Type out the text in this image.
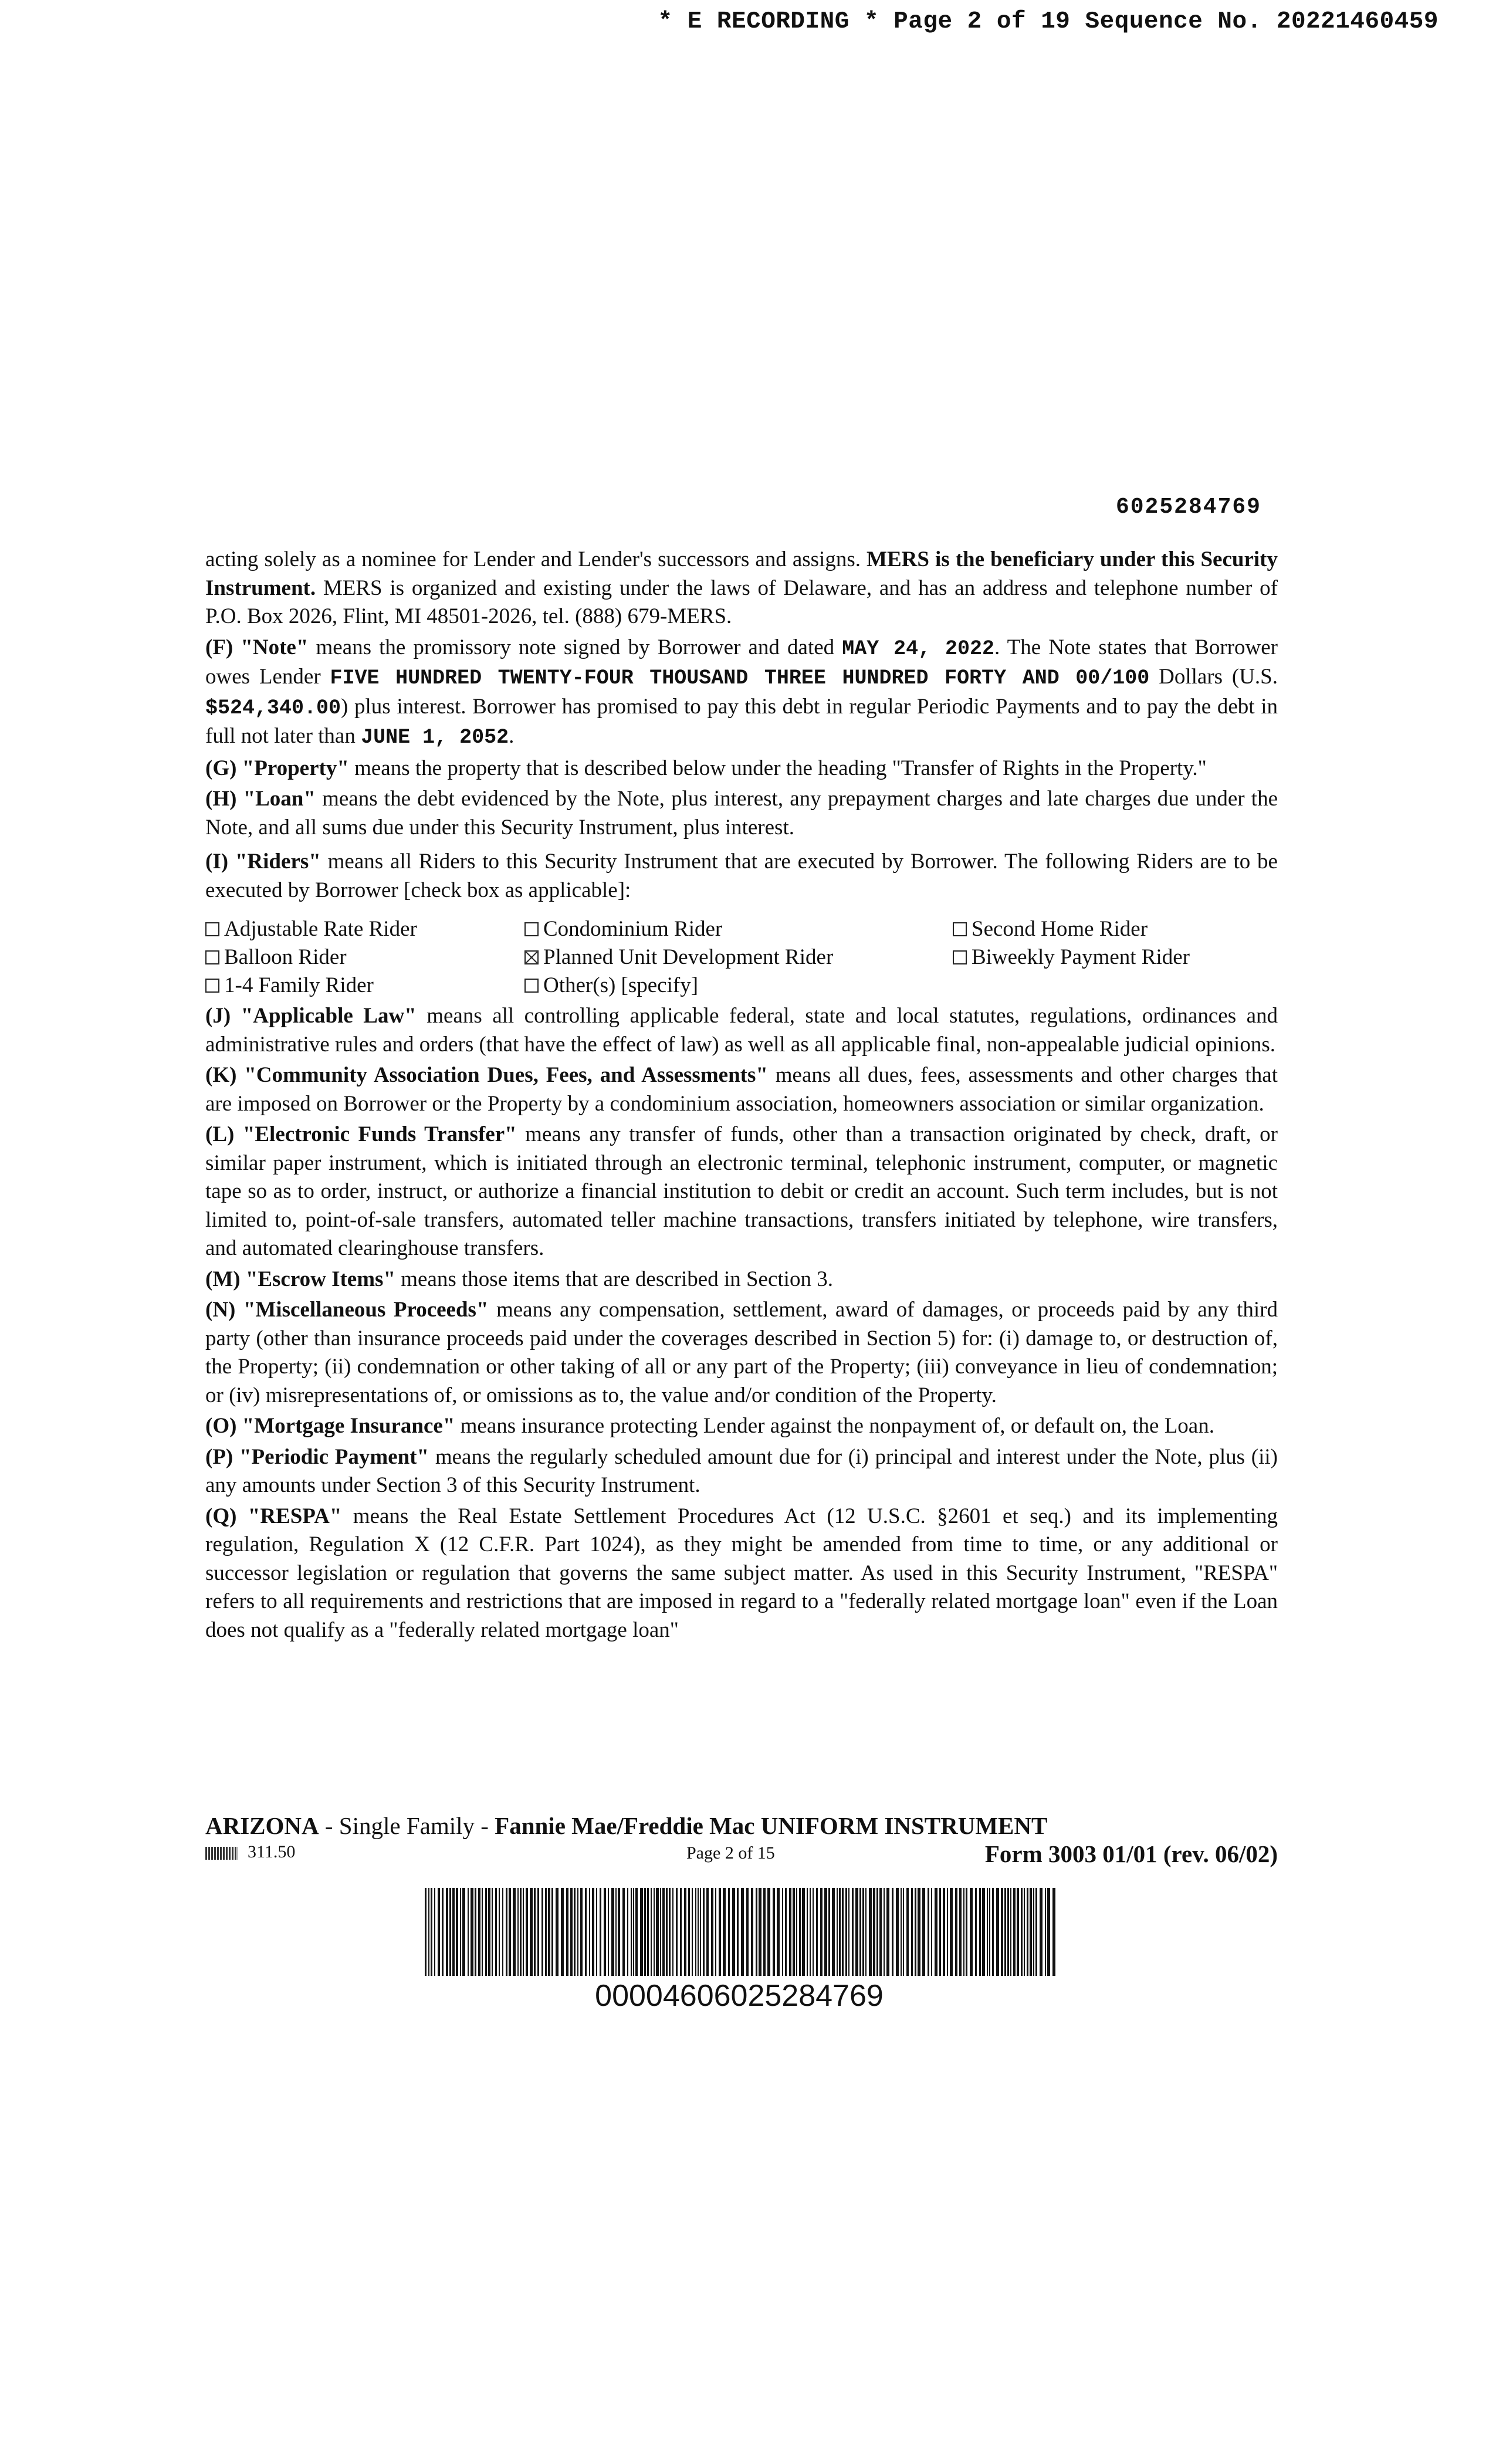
* E RECORDING * Page 2 of 19 Sequence No. 20221460459
6025284769

acting solely as a nominee for Lender and Lender's successors and assigns. MERS is the beneficiary under this Security Instrument. MERS is organized and existing under the laws of Delaware, and has an address and telephone number of P.O. Box 2026, Flint, MI 48501-2026, tel. (888) 679-MERS.

(F) "Note" means the promissory note signed by Borrower and dated MAY 24, 2022. The Note states that Borrower owes Lender FIVE HUNDRED TWENTY-FOUR THOUSAND THREE HUNDRED FORTY AND 00/100 Dollars (U.S. $524,340.00) plus interest. Borrower has promised to pay this debt in regular Periodic Payments and to pay the debt in full not later than JUNE 1, 2052.

(G) "Property" means the property that is described below under the heading "Transfer of Rights in the Property."

(H) "Loan" means the debt evidenced by the Note, plus interest, any prepayment charges and late charges due under the Note, and all sums due under this Security Instrument, plus interest.

(I) "Riders" means all Riders to this Security Instrument that are executed by Borrower. The following Riders are to be executed by Borrower [check box as applicable]:

Adjustable Rate Rider	Condominium Rider	Second Home Rider
Balloon Rider	Planned Unit Development Rider	Biweekly Payment Rider
1-4 Family Rider	Other(s) [specify]

(J) "Applicable Law" means all controlling applicable federal, state and local statutes, regulations, ordinances and administrative rules and orders (that have the effect of law) as well as all applicable final, non-appealable judicial opinions.

(K) "Community Association Dues, Fees, and Assessments" means all dues, fees, assessments and other charges that are imposed on Borrower or the Property by a condominium association, homeowners association or similar organization.

(L) "Electronic Funds Transfer" means any transfer of funds, other than a transaction originated by check, draft, or similar paper instrument, which is initiated through an electronic terminal, telephonic instrument, computer, or magnetic tape so as to order, instruct, or authorize a financial institution to debit or credit an account. Such term includes, but is not limited to, point-of-sale transfers, automated teller machine transactions, transfers initiated by telephone, wire transfers, and automated clearinghouse transfers.

(M) "Escrow Items" means those items that are described in Section 3.

(N) "Miscellaneous Proceeds" means any compensation, settlement, award of damages, or proceeds paid by any third party (other than insurance proceeds paid under the coverages described in Section 5) for: (i) damage to, or destruction of, the Property; (ii) condemnation or other taking of all or any part of the Property; (iii) conveyance in lieu of condemnation; or (iv) misrepresentations of, or omissions as to, the value and/or condition of the Property.

(O) "Mortgage Insurance" means insurance protecting Lender against the nonpayment of, or default on, the Loan.

(P) "Periodic Payment" means the regularly scheduled amount due for (i) principal and interest under the Note, plus (ii) any amounts under Section 3 of this Security Instrument.

(Q) "RESPA" means the Real Estate Settlement Procedures Act (12 U.S.C. §2601 et seq.) and its implementing regulation, Regulation X (12 C.F.R. Part 1024), as they might be amended from time to time, or any additional or successor legislation or regulation that governs the same subject matter. As used in this Security Instrument, "RESPA" refers to all requirements and restrictions that are imposed in regard to a "federally related mortgage loan" even if the Loan does not qualify as a "federally related mortgage loan"

ARIZONA - Single Family - Fannie Mae/Freddie Mac UNIFORM INSTRUMENT
311.50	Page 2 of 15	Form 3003 01/01 (rev. 06/02)
00004606025284769
